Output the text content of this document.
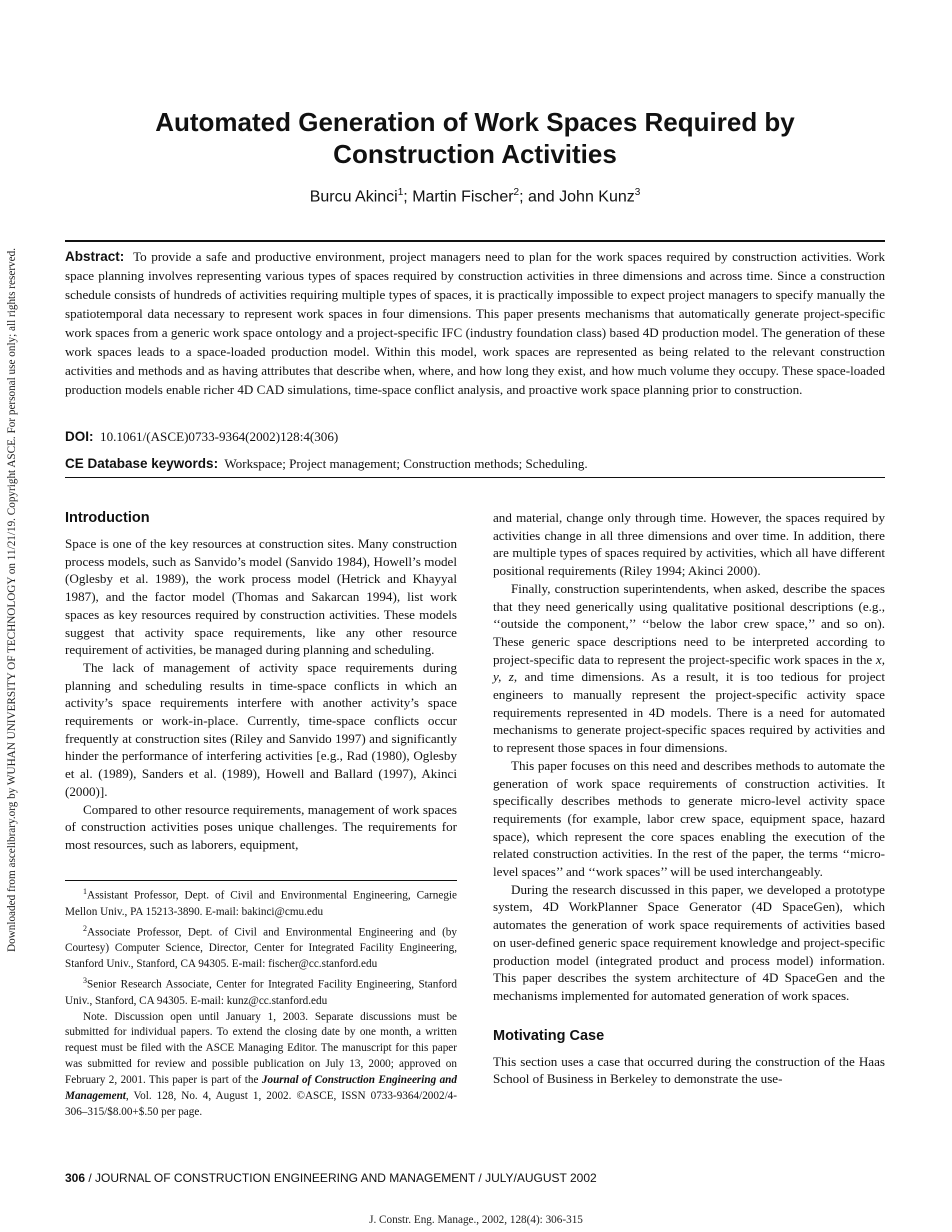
Downloaded from ascelibrary.org by WUHAN UNIVERSITY OF TECHNOLOGY on 11/21/19. Copyright ASCE. For personal use only; all rights reserved.
Automated Generation of Work Spaces Required by
Construction Activities
Burcu Akinci$^1$; Martin Fischer$^2$; and John Kunz$^3$
Abstract: To provide a safe and productive environment, project managers need to plan for the work spaces required by construction activities. Work space planning involves representing various types of spaces required by construction activities in three dimensions and across time. Since a construction schedule consists of hundreds of activities requiring multiple types of spaces, it is practically impossible to expect project managers to specify manually the spatiotemporal data necessary to represent work spaces in four dimensions. This paper presents mechanisms that automatically generate project-specific work spaces from a generic work space ontology and a project-specific IFC (industry foundation class) based 4D production model. The generation of these work spaces leads to a space-loaded production model. Within this model, work spaces are represented as being related to the relevant construction activities and methods and as having attributes that describe when, where, and how long they exist, and how much volume they occupy. These space-loaded production models enable richer 4D CAD simulations, time-space conflict analysis, and proactive work space planning prior to construction.
DOI: 10.1061/(ASCE)0733-9364(2002)128:4(306)
CE Database keywords: Workspace; Project management; Construction methods; Scheduling.
Introduction

Space is one of the key resources at construction sites. Many construction process models, such as Sanvido’s model (Sanvido 1984), Howell’s model (Oglesby et al. 1989), the work process model (Hetrick and Khayyal 1987), and the factor model (Thomas and Sakarcan 1994), list work spaces as key resources required by construction activities. These models suggest that activity space requirements, like any other resource requirement of activities, be managed during planning and scheduling.

The lack of management of activity space requirements during planning and scheduling results in time-space conflicts in which an activity’s space requirements interfere with another activity’s space requirements or work-in-place. Currently, time-space conflicts occur frequently at construction sites (Riley and Sanvido 1997) and significantly hinder the performance of interfering activities [e.g., Rad (1980), Oglesby et al. (1989), Sanders et al. (1989), Howell and Ballard (1997), Akinci (2000)].

Compared to other resource requirements, management of work spaces of construction activities poses unique challenges. The requirements for most resources, such as laborers, equipment,

$^1$Assistant Professor, Dept. of Civil and Environmental Engineering, Carnegie Mellon Univ., PA 15213-3890. E-mail: bakinci@cmu.edu

$^2$Associate Professor, Dept. of Civil and Environmental Engineering and (by Courtesy) Computer Science, Director, Center for Integrated Facility Engineering, Stanford Univ., Stanford, CA 94305. E-mail: fischer@cc.stanford.edu

$^3$Senior Research Associate, Center for Integrated Facility Engineering, Stanford Univ., Stanford, CA 94305. E-mail: kunz@cc.stanford.edu

Note. Discussion open until January 1, 2003. Separate discussions must be submitted for individual papers. To extend the closing date by one month, a written request must be filed with the ASCE Managing Editor. The manuscript for this paper was submitted for review and possible publication on July 13, 2000; approved on February 2, 2001. This paper is part of the Journal of Construction Engineering and Management, Vol. 128, No. 4, August 1, 2002. ©ASCE, ISSN 0733-9364/2002/4-306–315/$8.00+$.50 per page.

and material, change only through time. However, the spaces required by activities change in all three dimensions and over time. In addition, there are multiple types of spaces required by activities, which all have different positional requirements (Riley 1994; Akinci 2000).

Finally, construction superintendents, when asked, describe the spaces that they need generically using qualitative positional descriptions (e.g., ‘‘outside the component,’’ ‘‘below the labor crew space,’’ and so on). These generic space descriptions need to be interpreted according to project-specific data to represent the project-specific work spaces in the x, y, z, and time dimensions. As a result, it is too tedious for project engineers to manually represent the project-specific activity space requirements represented in 4D models. There is a need for automated mechanisms to generate project-specific spaces required by activities and to represent those spaces in four dimensions.

This paper focuses on this need and describes methods to automate the generation of work space requirements of construction activities. It specifically describes methods to generate micro-level activity space requirements (for example, labor crew space, equipment space, hazard space), which represent the core spaces enabling the execution of the related construction activities. In the rest of the paper, the terms ‘‘micro-level spaces’’ and ‘‘work spaces’’ will be used interchangeably.

During the research discussed in this paper, we developed a prototype system, 4D WorkPlanner Space Generator (4D SpaceGen), which automates the generation of work space requirements of activities based on user-defined generic space requirement knowledge and project-specific production model (integrated product and process model) information. This paper describes the system architecture of 4D SpaceGen and the mechanisms implemented for automated generation of work spaces.

Motivating Case

This section uses a case that occurred during the construction of the Haas School of Business in Berkeley to demonstrate the use-

306 / JOURNAL OF CONSTRUCTION ENGINEERING AND MANAGEMENT / JULY/AUGUST 2002
J. Constr. Eng. Manage., 2002, 128(4): 306-315
